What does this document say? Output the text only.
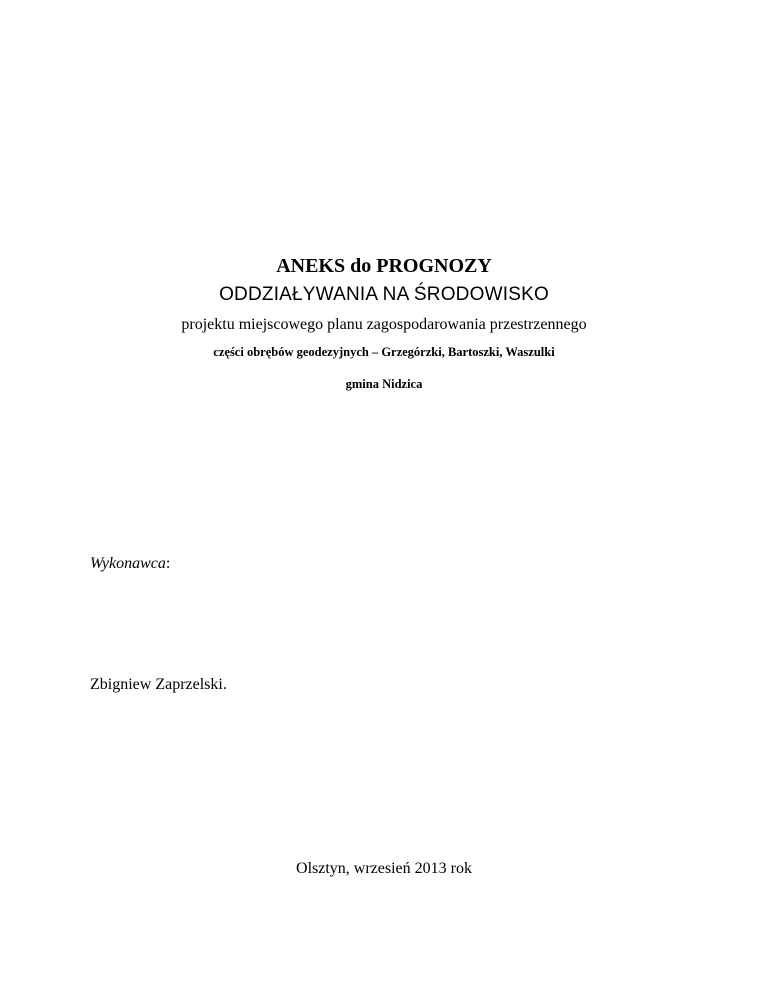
ANEKS do PROGNOZY
ODDZIAŁYWANIA NA ŚRODOWISKO
projektu miejscowego planu zagospodarowania przestrzennego
części obrębów geodezyjnych – Grzegórzki, Bartoszki, Waszulki
gmina Nidzica
Wykonawca:
Zbigniew Zaprzelski.
Olsztyn, wrzesień 2013 rok
